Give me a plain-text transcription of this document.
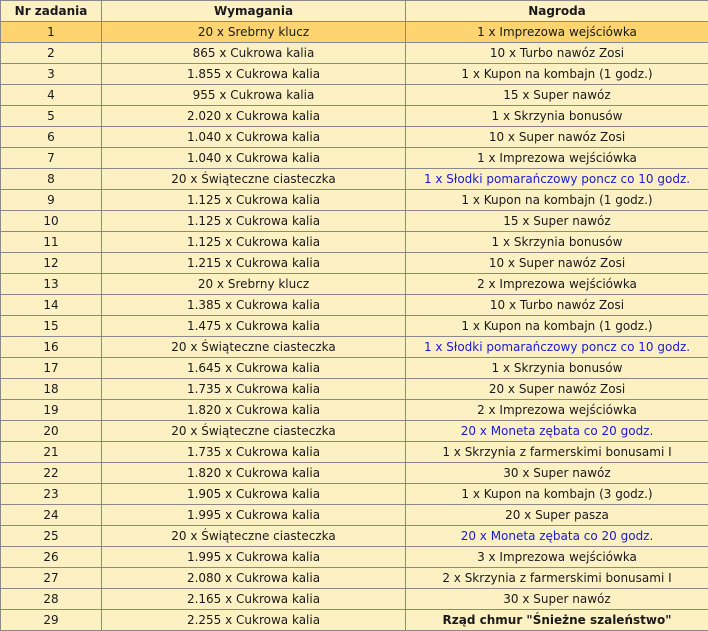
Nr zadania	Wymagania	Nagroda
1	20 x Srebrny klucz	1 x Imprezowa wejściówka
2	865 x Cukrowa kalia	10 x Turbo nawóz Zosi
3	1.855 x Cukrowa kalia	1 x Kupon na kombajn (1 godz.)
4	955 x Cukrowa kalia	15 x Super nawóz
5	2.020 x Cukrowa kalia	1 x Skrzynia bonusów
6	1.040 x Cukrowa kalia	10 x Super nawóz Zosi
7	1.040 x Cukrowa kalia	1 x Imprezowa wejściówka
8	20 x Świąteczne ciasteczka	1 x Słodki pomarańczowy poncz co 10 godz.
9	1.125 x Cukrowa kalia	1 x Kupon na kombajn (1 godz.)
10	1.125 x Cukrowa kalia	15 x Super nawóz
11	1.125 x Cukrowa kalia	1 x Skrzynia bonusów
12	1.215 x Cukrowa kalia	10 x Super nawóz Zosi
13	20 x Srebrny klucz	2 x Imprezowa wejściówka
14	1.385 x Cukrowa kalia	10 x Turbo nawóz Zosi
15	1.475 x Cukrowa kalia	1 x Kupon na kombajn (1 godz.)
16	20 x Świąteczne ciasteczka	1 x Słodki pomarańczowy poncz co 10 godz.
17	1.645 x Cukrowa kalia	1 x Skrzynia bonusów
18	1.735 x Cukrowa kalia	20 x Super nawóz Zosi
19	1.820 x Cukrowa kalia	2 x Imprezowa wejściówka
20	20 x Świąteczne ciasteczka	20 x Moneta zębata co 20 godz.
21	1.735 x Cukrowa kalia	1 x Skrzynia z farmerskimi bonusami I
22	1.820 x Cukrowa kalia	30 x Super nawóz
23	1.905 x Cukrowa kalia	1 x Kupon na kombajn (3 godz.)
24	1.995 x Cukrowa kalia	20 x Super pasza
25	20 x Świąteczne ciasteczka	20 x Moneta zębata co 20 godz.
26	1.995 x Cukrowa kalia	3 x Imprezowa wejściówka
27	2.080 x Cukrowa kalia	2 x Skrzynia z farmerskimi bonusami I
28	2.165 x Cukrowa kalia	30 x Super nawóz
29	2.255 x Cukrowa kalia	Rząd chmur "Śnieżne szaleństwo"
